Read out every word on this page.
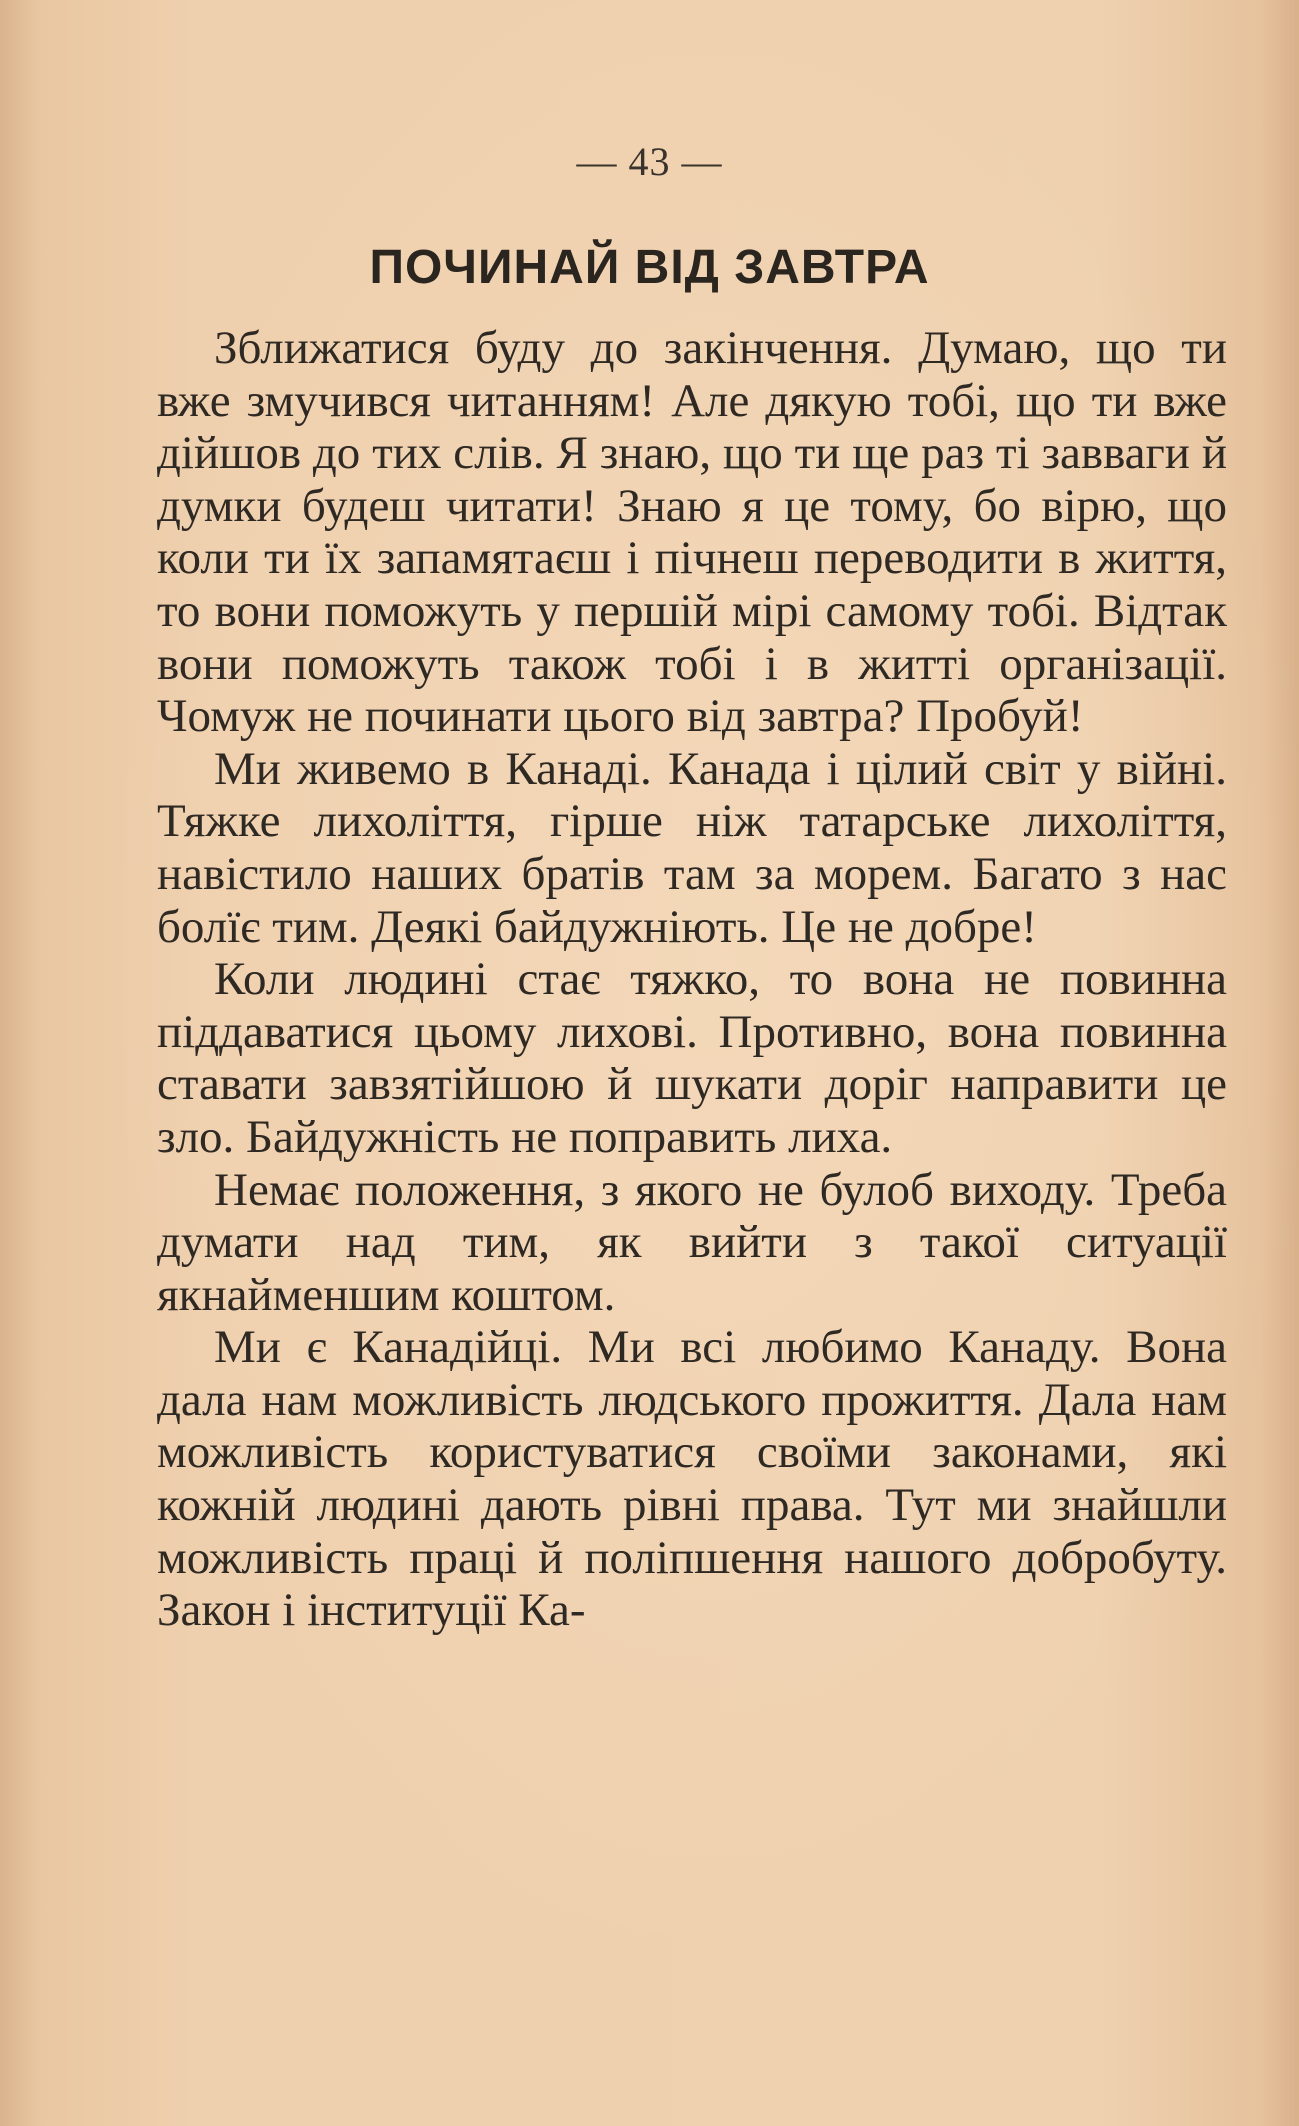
— 43 —
ПОЧИНАЙ ВІД ЗАВТРА

Зближатися буду до закінчення. Думаю, що ти вже змучився читанням! Але дякую тобі, що ти вже дійшов до тих слів. Я знаю, що ти ще раз ті завваги й думки будеш читати! Знаю я це тому, бо вірю, що коли ти їх запамятаєш і пічнеш переводити в життя, то вони поможуть у першій мірі самому тобі. Відтак вони поможуть також тобі і в житті організації. Чомуж не починати цього від завтра? Пробуй!

Ми живемо в Канаді. Канада і цілий світ у війні. Тяжке лихоліття, гірше ніж татарське лихоліття, навістило наших братів там за морем. Багато з нас болїє тим. Деякі байдужніють. Це не добре!

Коли людині стає тяжко, то вона не повинна піддаватися цьому лихові. Противно, вона повинна ставати завзятійшою й шукати доріг направити це зло. Байдужність не поправить лиха.

Немає положення, з якого не булоб виходу. Треба думати над тим, як вийти з такої ситуації якнайменшим коштом.

Ми є Канадійці. Ми всі любимо Канаду. Вона дала нам можливість людського прожиття. Дала нам можливість користуватися своїми законами, які кожній людині дають рівні права. Тут ми знайшли можливість праці й поліпшення нашого добробуту. Закон і інституції Ка-
